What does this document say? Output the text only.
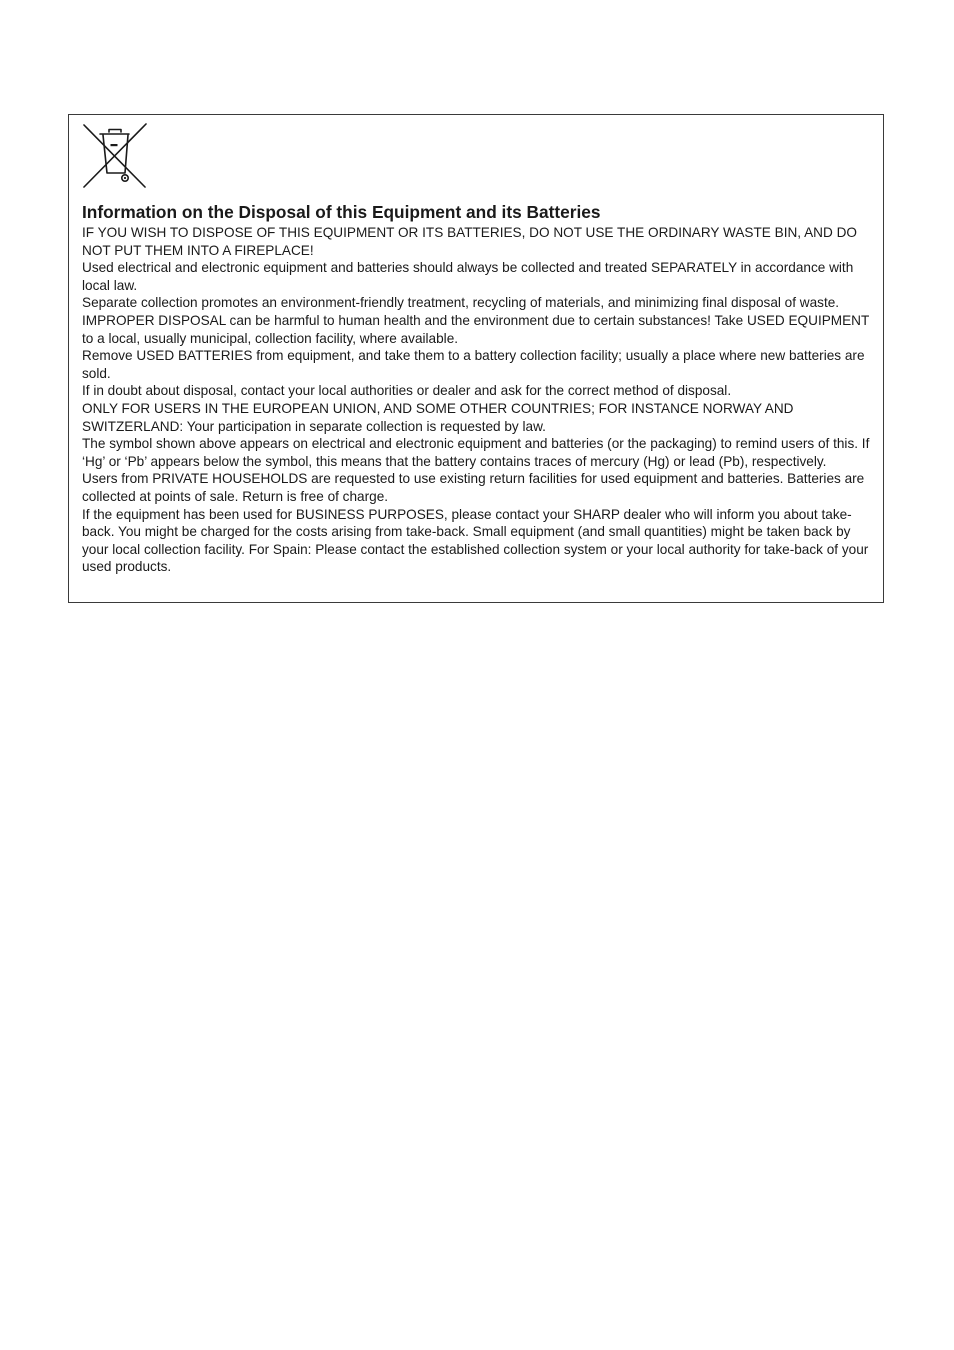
Information on the Disposal of this Equipment and its Batteries

IF YOU WISH TO DISPOSE OF THIS EQUIPMENT OR ITS BATTERIES, DO NOT USE THE ORDINARY WASTE BIN, AND DO NOT PUT THEM INTO A FIREPLACE!

Used electrical and electronic equipment and batteries should always be collected and treated SEPARATELY in accordance with local law.

Separate collection promotes an environment-friendly treatment, recycling of materials, and minimizing final disposal of waste. IMPROPER DISPOSAL can be harmful to human health and the environment due to certain substances! Take USED EQUIPMENT to a local, usually municipal, collection facility, where available.

Remove USED BATTERIES from equipment, and take them to a battery collection facility; usually a place where new batteries are sold.

If in doubt about disposal, contact your local authorities or dealer and ask for the correct method of disposal.

ONLY FOR USERS IN THE EUROPEAN UNION, AND SOME OTHER COUNTRIES; FOR INSTANCE NORWAY AND SWITZERLAND: Your participation in separate collection is requested by law.

The symbol shown above appears on electrical and electronic equipment and batteries (or the packaging) to remind users of this. If ‘Hg’ or ‘Pb’ appears below the symbol, this means that the battery contains traces of mercury (Hg) or lead (Pb), respectively.

Users from PRIVATE HOUSEHOLDS are requested to use existing return facilities for used equipment and batteries. Batteries are collected at points of sale. Return is free of charge.

If the equipment has been used for BUSINESS PURPOSES, please contact your SHARP dealer who will inform you about take-back. You might be charged for the costs arising from take-back. Small equipment (and small quantities) might be taken back by your local collection facility. For Spain: Please contact the established collection system or your local authority for take-back of your used products.
